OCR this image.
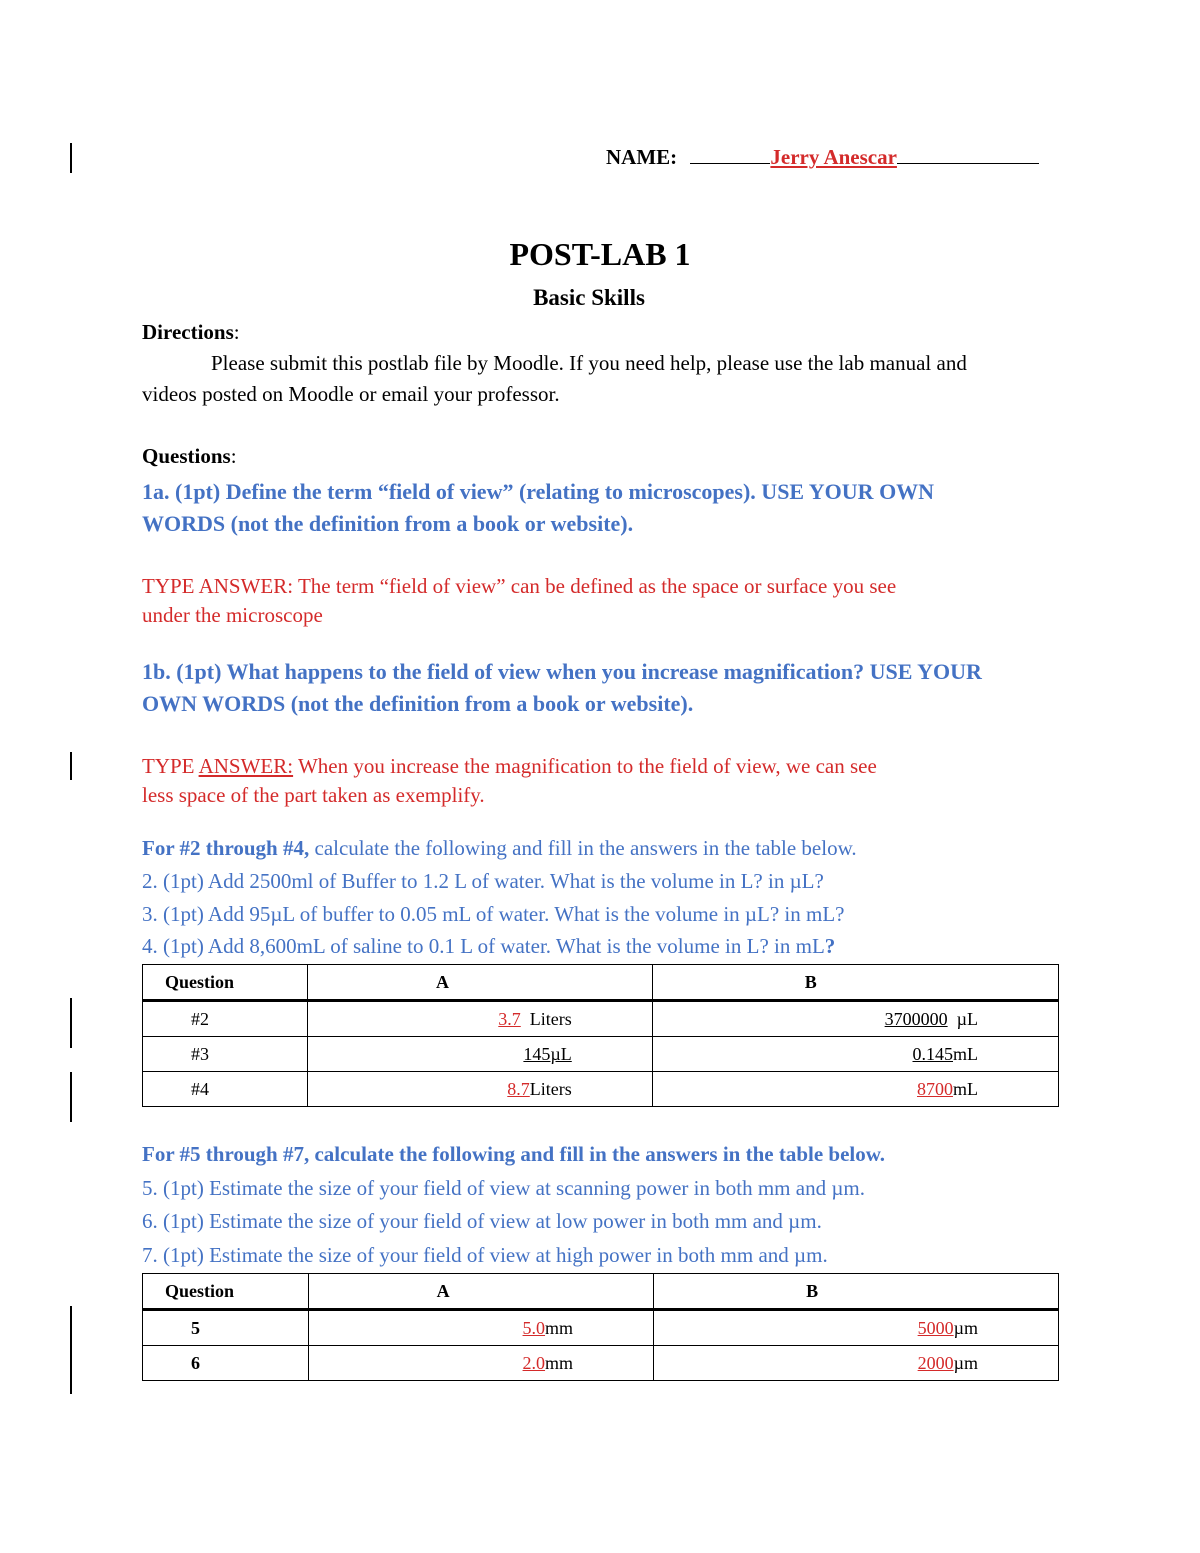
NAME:	Jerry Anescar
POST-LAB 1
Basic Skills
Directions:
Please submit this postlab file by Moodle. If you need help, please use the lab manual and
videos posted on Moodle or email your professor.
Questions:
1a. (1pt) Define the term “field of view” (relating to microscopes). USE YOUR OWN
WORDS (not the definition from a book or website).
TYPE ANSWER: The term “field of view” can be defined as the space or surface you see
under the microscope
1b. (1pt) What happens to the field of view when you increase magnification? USE YOUR
OWN WORDS (not the definition from a book or website).
TYPE ANSWER: When you increase the magnification to the field of view, we can see
less space of the part taken as exemplify.
For #2 through #4, calculate the following and fill in the answers in the table below.
2. (1pt) Add 2500ml of Buffer to 1.2 L of water. What is the volume in L? in µL?
3. (1pt) Add 95µL of buffer to 0.05 mL of water. What is the volume in µL? in mL?
4. (1pt) Add 8,600mL of saline to 0.1 L of water. What is the volume in L? in mL?
Question	A	B
#2	3.7  Liters	3700000  µL
#3	145µL	0.145mL
#4	8.7Liters	8700mL
For #5 through #7, calculate the following and fill in the answers in the table below.
5. (1pt) Estimate the size of your field of view at scanning power in both mm and µm.
6. (1pt) Estimate the size of your field of view at low power in both mm and µm.
7. (1pt) Estimate the size of your field of view at high power in both mm and µm.
Question	A	B
5	5.0mm	5000µm
6	2.0mm	2000µm
